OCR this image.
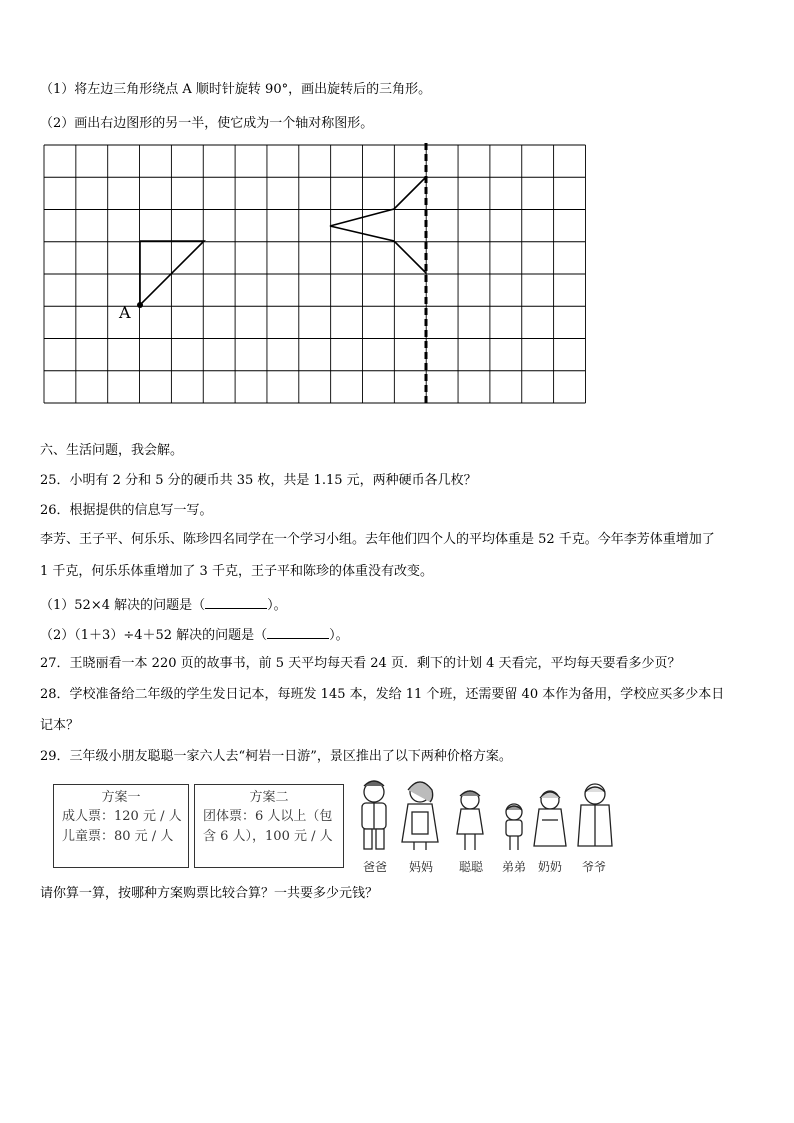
（1）将左边三角形绕点 A 顺时针旋转 90°，画出旋转后的三角形。
（2）画出右边图形的另一半，使它成为一个轴对称图形。
A
六、生活问题，我会解。
25．小明有 2 分和 5 分的硬币共 35 枚，共是 1.15 元，两种硬币各几枚？
26．根据提供的信息写一写。
李芳、王子平、何乐乐、陈珍四名同学在一个学习小组。去年他们四个人的平均体重是 52 千克。今年李芳体重增加了
1 千克，何乐乐体重增加了 3 千克，王子平和陈珍的体重没有改变。
（1）52×4 解决的问题是（	）。
（2）（1＋3）÷4＋52 解决的问题是（	）。
27．王晓丽看一本 220 页的故事书，前 5 天平均每天看 24 页．剩下的计划 4 天看完，平均每天要看多少页？
28．学校准备给二年级的学生发日记本，每班发 145 本，发给 11 个班，还需要留 40 本作为备用，学校应买多少本日
记本？
29．三年级小朋友聪聪一家六人去“柯岩一日游”，景区推出了以下两种价格方案。
方案一
成人票：120 元 / 人
儿童票：80 元 / 人
方案二
团体票：6 人以上（包
含 6 人），100 元 / 人
爸爸 妈妈 聪聪 弟弟 奶奶 爷爷
请你算一算，按哪种方案购票比较合算？一共要多少元钱？
